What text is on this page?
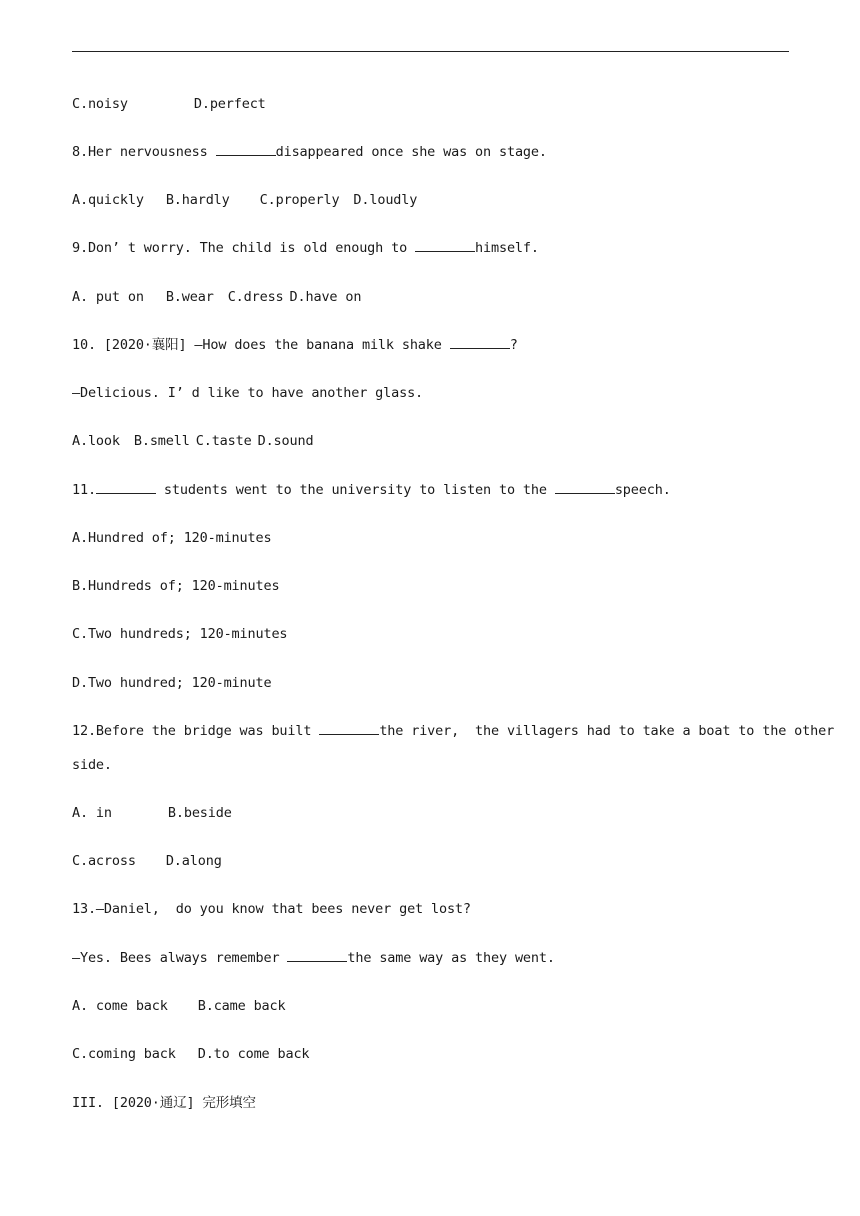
C.noisy	D.perfect
8.Her nervousness	disappeared once she was on stage.
A.quickly B.hardly C.properly D.loudly
9.Don’ t worry. The child is old enough to	himself.
A. put on B.wear C.dress D.have on
10. [2020·襄阳] —How does the banana milk shake	?
—Delicious. I’ d like to have another glass.
A.look B.smell C.taste D.sound
11.	students went to the university to listen to the	speech.
A.Hundred of; 120-minutes
B.Hundreds of; 120-minutes
C.Two hundreds; 120-minutes
D.Two hundred; 120-minute
12.Before the bridge was built	the river,  the villagers had to take a boat to the other
side.
A. in	B.beside
C.across D.along
13.—Daniel,  do you know that bees never get lost?
—Yes. Bees always remember	the same way as they went.
A. come back B.came back
C.coming back D.to come back
III. [2020·通辽] 完形填空
